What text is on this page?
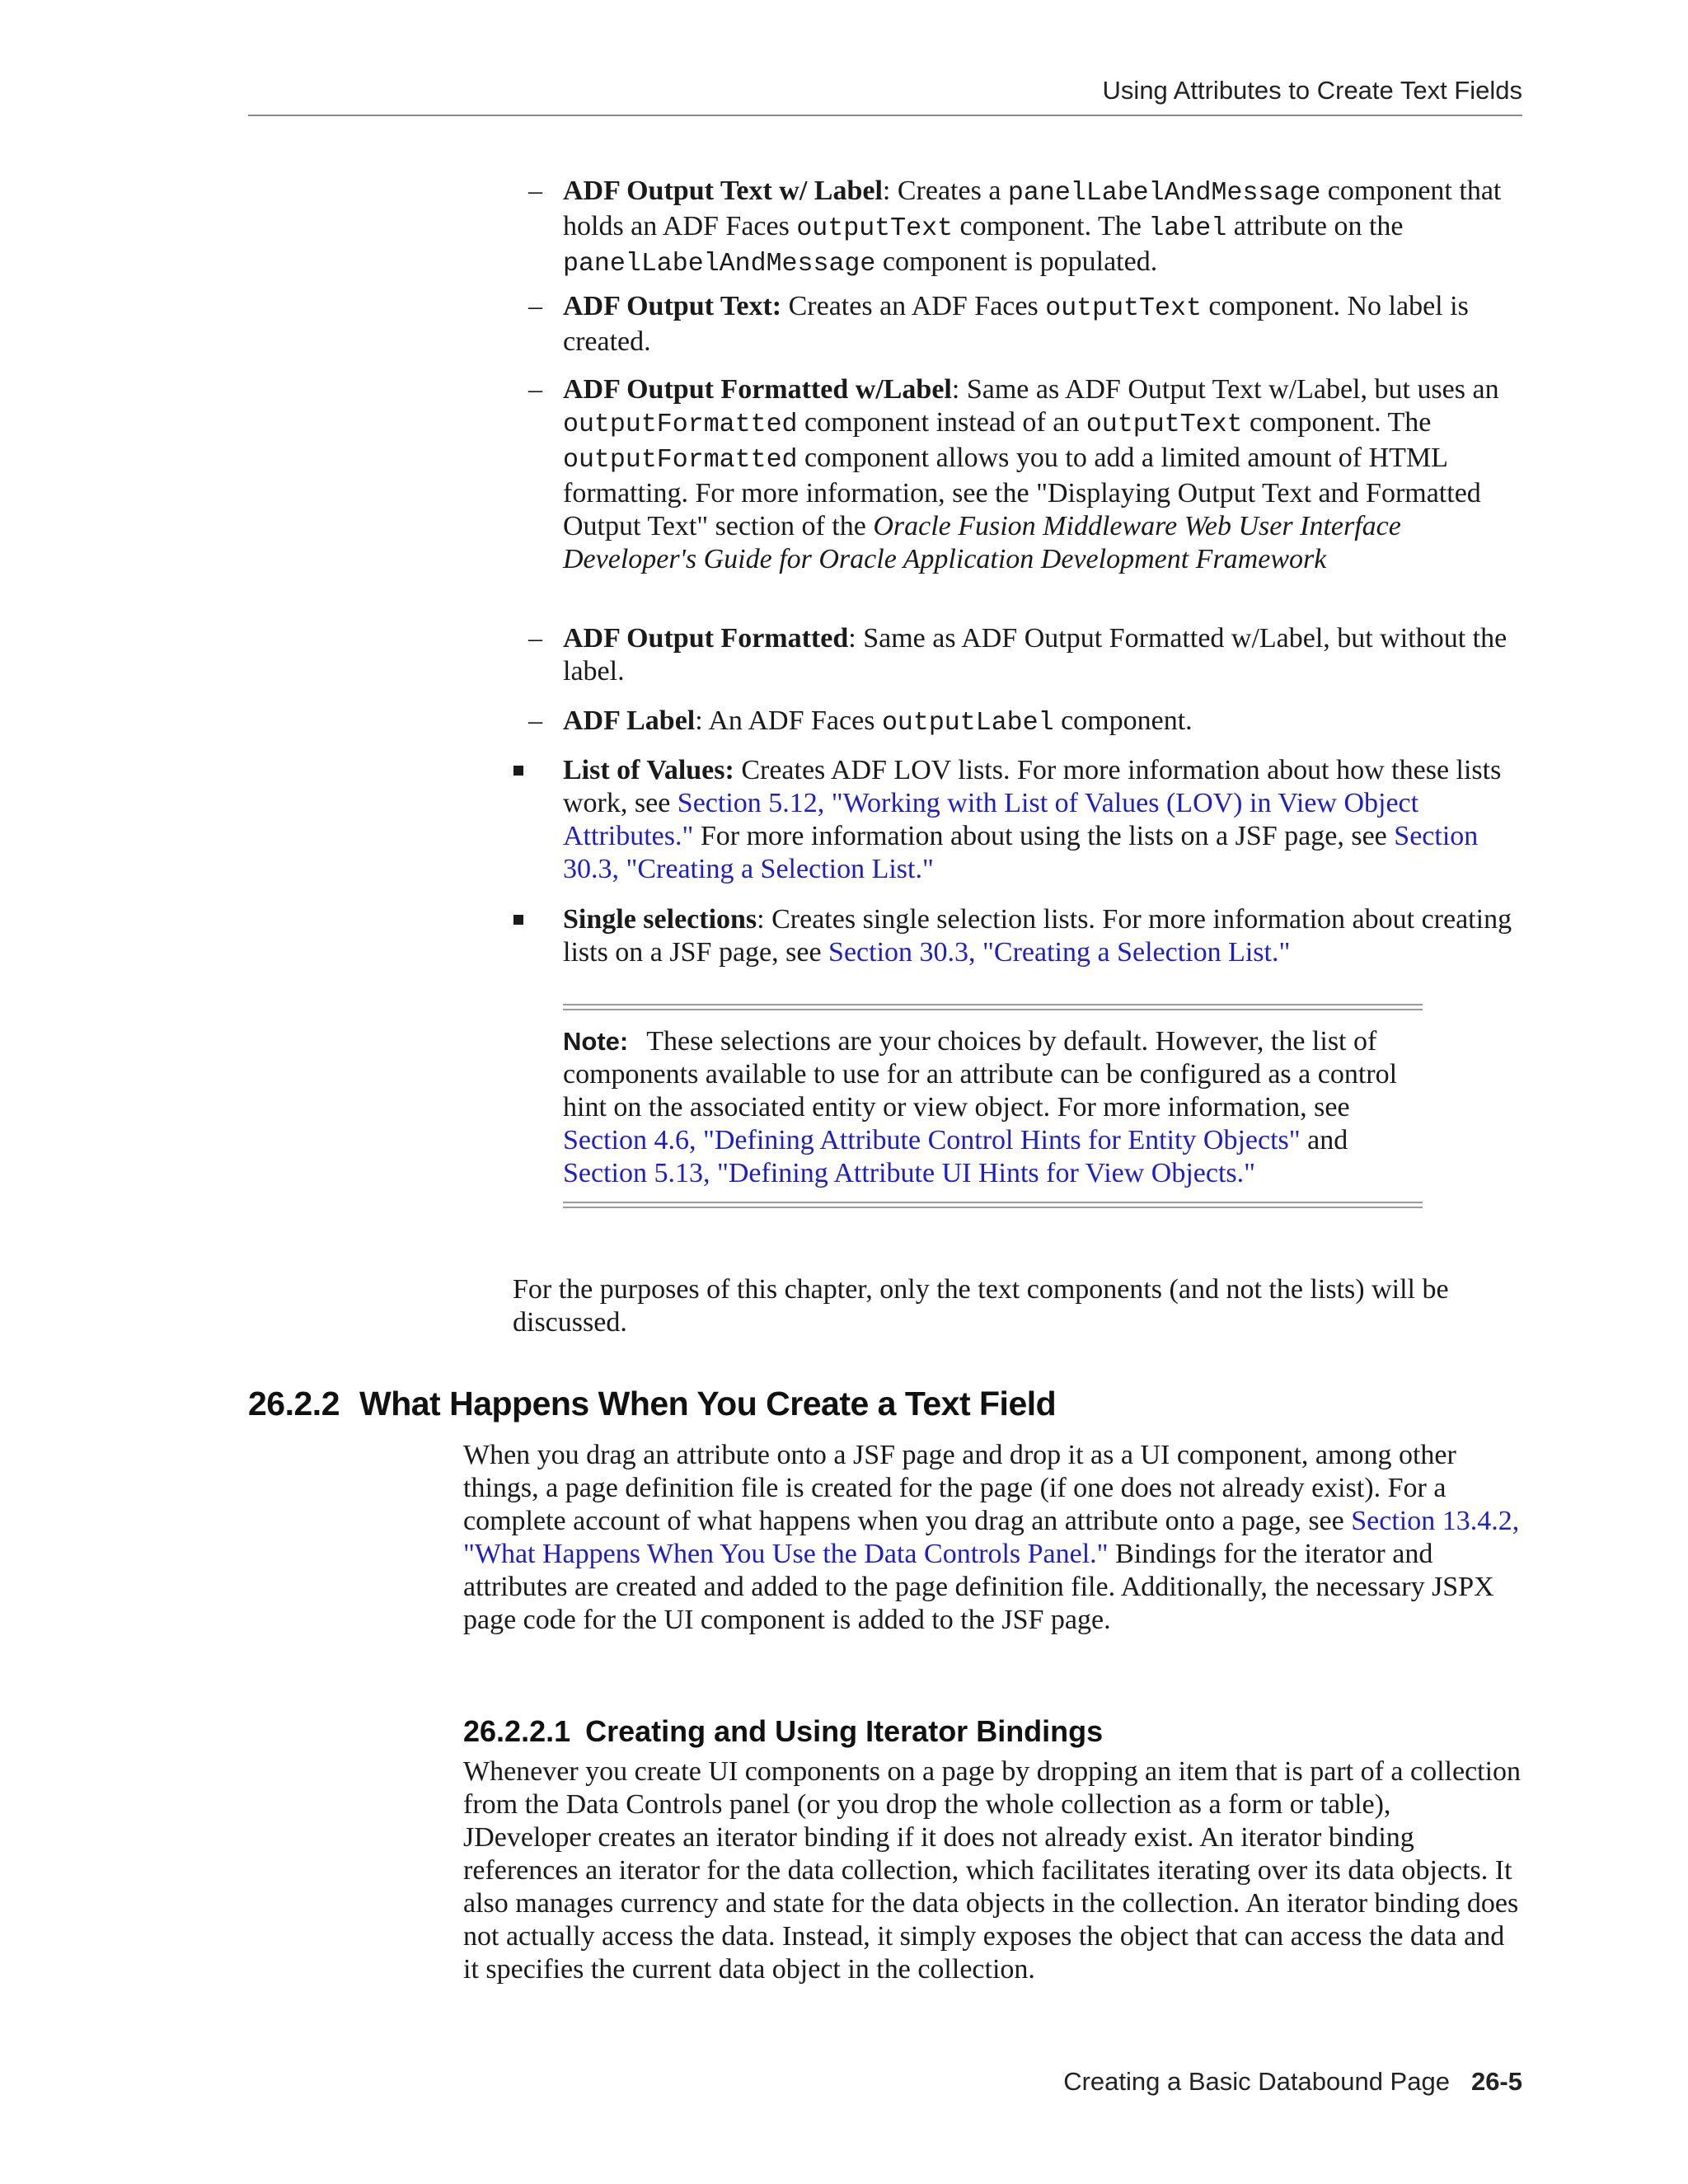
Using Attributes to Create Text Fields
– ADF Output Text w/ Label: Creates a panelLabelAndMessage component that holds an ADF Faces outputText component. The label attribute on the panelLabelAndMessage component is populated.
– ADF Output Text: Creates an ADF Faces outputText component. No label is created.
– ADF Output Formatted w/Label: Same as ADF Output Text w/Label, but uses an outputFormatted component instead of an outputText component. The outputFormatted component allows you to add a limited amount of HTML formatting. For more information, see the "Displaying Output Text and Formatted Output Text" section of the Oracle Fusion Middleware Web User Interface Developer's Guide for Oracle Application Development Framework
– ADF Output Formatted: Same as ADF Output Formatted w/Label, but without the label.
– ADF Label: An ADF Faces outputLabel component.
List of Values: Creates ADF LOV lists. For more information about how these lists work, see Section 5.12, "Working with List of Values (LOV) in View Object Attributes." For more information about using the lists on a JSF page, see Section 30.3, "Creating a Selection List."
Single selections: Creates single selection lists. For more information about creating lists on a JSF page, see Section 30.3, "Creating a Selection List."
Note: These selections are your choices by default. However, the list of components available to use for an attribute can be configured as a control hint on the associated entity or view object. For more information, see Section 4.6, "Defining Attribute Control Hints for Entity Objects" and Section 5.13, "Defining Attribute UI Hints for View Objects."
For the purposes of this chapter, only the text components (and not the lists) will be discussed.
26.2.2 What Happens When You Create a Text Field
When you drag an attribute onto a JSF page and drop it as a UI component, among other things, a page definition file is created for the page (if one does not already exist). For a complete account of what happens when you drag an attribute onto a page, see Section 13.4.2, "What Happens When You Use the Data Controls Panel." Bindings for the iterator and attributes are created and added to the page definition file. Additionally, the necessary JSPX page code for the UI component is added to the JSF page.
26.2.2.1 Creating and Using Iterator Bindings
Whenever you create UI components on a page by dropping an item that is part of a collection from the Data Controls panel (or you drop the whole collection as a form or table), JDeveloper creates an iterator binding if it does not already exist. An iterator binding references an iterator for the data collection, which facilitates iterating over its data objects. It also manages currency and state for the data objects in the collection. An iterator binding does not actually access the data. Instead, it simply exposes the object that can access the data and it specifies the current data object in the collection.
Creating a Basic Databound Page 26-5
